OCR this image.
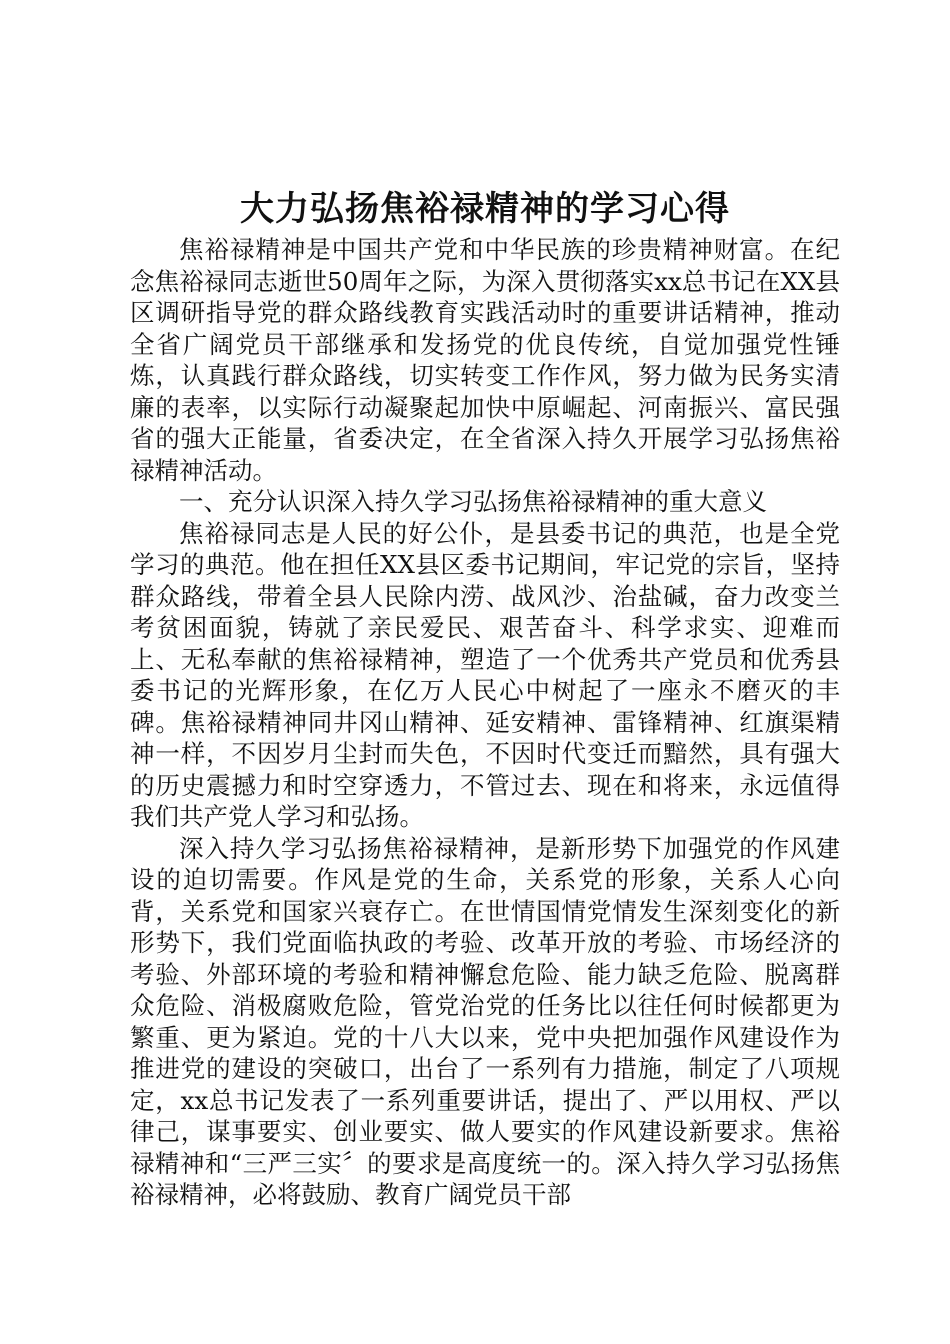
大力弘扬焦裕禄精神的学习心得

焦裕禄精神是中国共产党和中华民族的珍贵精神财富。在纪念焦裕禄同志逝世50周年之际，为深入贯彻落实xx总书记在XX县区调研指导党的群众路线教育实践活动时的重要讲话精神，推动全省广阔党员干部继承和发扬党的优良传统，自觉加强党性锤炼，认真践行群众路线，切实转变工作作风，努力做为民务实清廉的表率，以实际行动凝聚起加快中原崛起、河南振兴、富民强省的强大正能量，省委决定，在全省深入持久开展学习弘扬焦裕禄精神活动。

一、充分认识深入持久学习弘扬焦裕禄精神的重大意义

焦裕禄同志是人民的好公仆，是县委书记的典范，也是全党学习的典范。他在担任XX县区委书记期间，牢记党的宗旨，坚持群众路线，带着全县人民除内涝、战风沙、治盐碱，奋力改变兰考贫困面貌，铸就了亲民爱民、艰苦奋斗、科学求实、迎难而上、无私奉献的焦裕禄精神，塑造了一个优秀共产党员和优秀县委书记的光辉形象，在亿万人民心中树起了一座永不磨灭的丰碑。焦裕禄精神同井冈山精神、延安精神、雷锋精神、红旗渠精神一样，不因岁月尘封而失色，不因时代变迁而黯然，具有强大的历史震撼力和时空穿透力，不管过去、现在和将来，永远值得我们共产党人学习和弘扬。

深入持久学习弘扬焦裕禄精神，是新形势下加强党的作风建设的迫切需要。作风是党的生命，关系党的形象，关系人心向背，关系党和国家兴衰存亡。在世情国情党情发生深刻变化的新形势下，我们党面临执政的考验、改革开放的考验、市场经济的考验、外部环境的考验和精神懈怠危险、能力缺乏危险、脱离群众危险、消极腐败危险，管党治党的任务比以往任何时候都更为繁重、更为紧迫。党的十八大以来，党中央把加强作风建设作为推进党的建设的突破口，出台了一系列有力措施，制定了八项规定，xx总书记发表了一系列重要讲话，提出了、严以用权、严以律己，谋事要实、创业要实、做人要实的作风建设新要求。焦裕禄精神和“三严三实〞的要求是高度统一的。深入持久学习弘扬焦裕禄精神，必将鼓励、教育广阔党员干部
